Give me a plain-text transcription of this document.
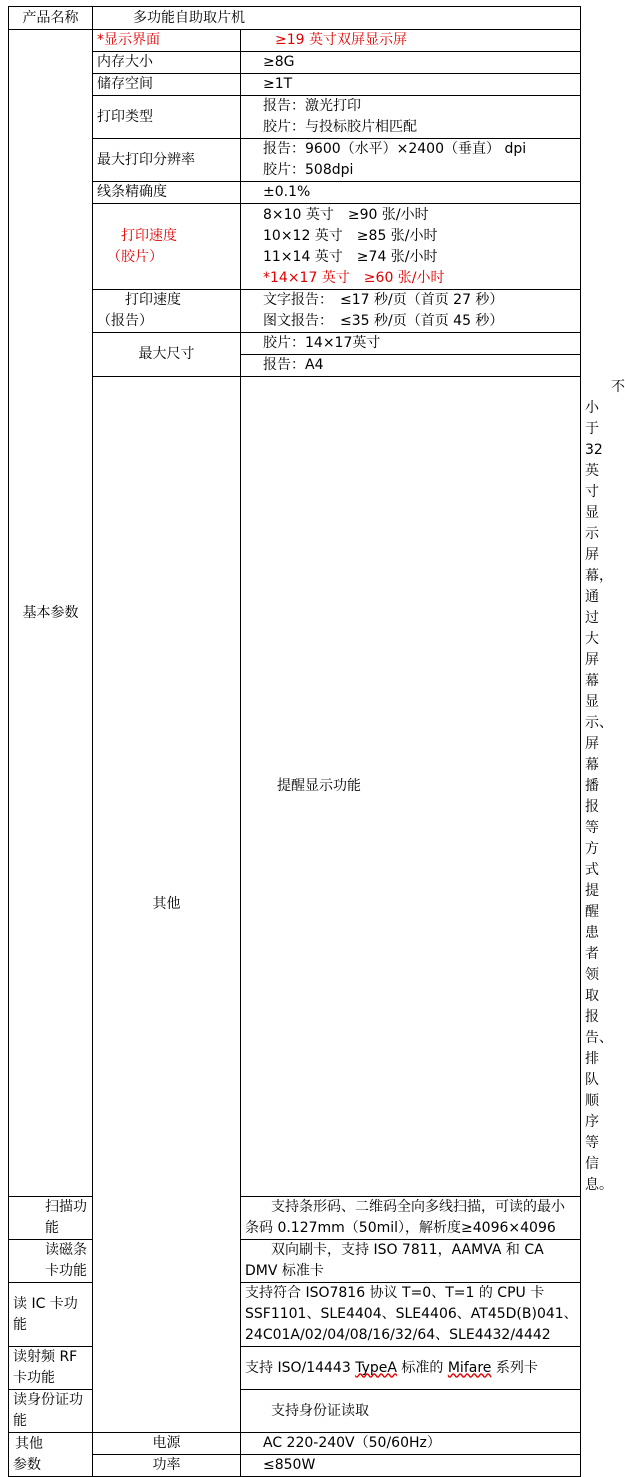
产品名称	多功能自助取片机		
基本参数	*显示界面	≥19 英寸双屏显示屏	
	内存大小	≥8G	
	储存空间	≥1T	
	打印类型	报告：激光打印
胶片：与投标胶片相匹配	

	最大打印分辨率	报告：9600（水平）×2400（垂直） dpi
胶片：508dpi	

	线条精确度	±0.1%	

	打印速度
（胶片）	8×10 英寸　≥90 张/小时
10×12 英寸　≥85 张/小时
11×14 英寸　≥74 张/小时
*14×17 英寸　≥60 张/小时	

	打印速度
（报告）	文字报告：　≤17 秒/页（首页 27 秒）
图文报告：　≤35 秒/页（首页 45 秒）	

	最大尺寸	胶片：14×17英寸	
		报告：A4	
	其他	提醒显示功能	不小于 32英寸显示屏幕，通过大屏幕显示、屏幕播报等方式提醒患者领取报告、排队顺序等信息。
扫描功能		支持条形码、二维码全向多线扫描，可读的最小条码 0.127mm（50mil），解析度≥4096×4096	
读磁条卡功能		双向刷卡，支持 ISO 7811，AAMVA 和 CA DMV 标准卡	
读 IC 卡功能		支持符合 ISO7816 协议 T=0、T=1 的 CPU 卡
SSF1101、SLE4404、SLE4406、AT45D(B)041、
24C01A/02/04/08/16/32/64、SLE4432/4442	

读射频 RF 卡功能		支持 ISO/14443 TypeA 标准的 Mifare 系列卡	
读身份证功能		支持身份证读取	

其他
参数	电源	AC 220-240V（50/60Hz）	
	功率	≤850W	
